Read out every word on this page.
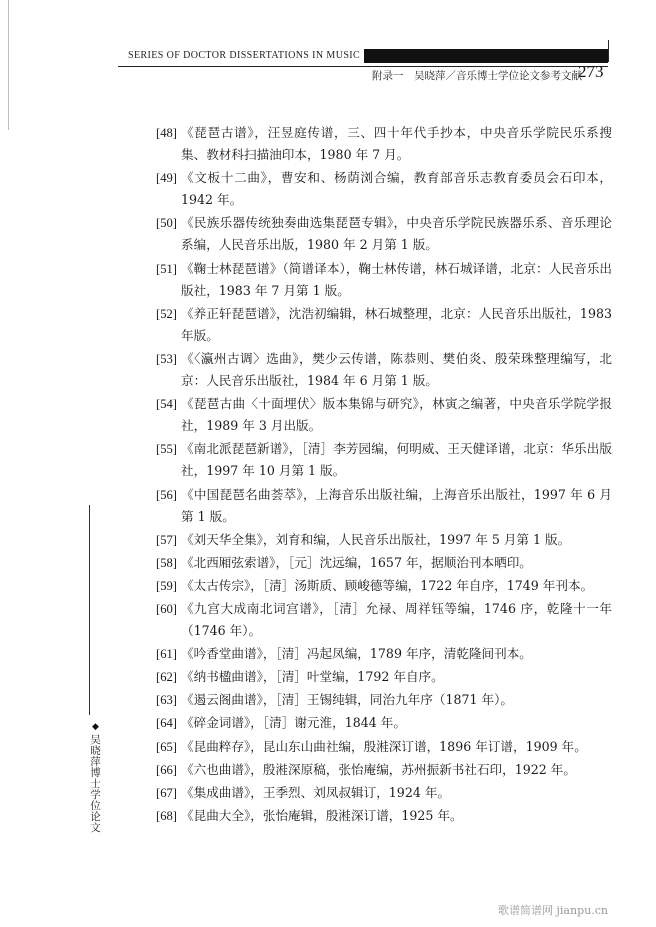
SERIES OF DOCTOR DISSERTATIONS IN MUSIC
附录一　吴晓萍／音乐博士学位论文参考文献
273
[48] 《琵琶古谱》，汪昱庭传谱，三、四十年代手抄本，中央音乐学院民乐系搜集、教材科扫描油印本，1980 年 7 月。
[49] 《文板十二曲》，曹安和、杨荫浏合编，教育部音乐志教育委员会石印本，1942 年。
[50] 《民族乐器传统独奏曲选集琵琶专辑》，中央音乐学院民族器乐系、音乐理论系编，人民音乐出版，1980 年 2 月第 1 版。
[51] 《鞠士林琵琶谱》（简谱译本），鞠士林传谱，林石城译谱，北京：人民音乐出版社，1983 年 7 月第 1 版。
[52] 《养正轩琵琶谱》，沈浩初编辑，林石城整理，北京：人民音乐出版社，1983 年版。
[53] 《〈瀛州古调〉选曲》，樊少云传谱，陈恭则、樊伯炎、殷荣珠整理编写，北京：人民音乐出版社，1984 年 6 月第 1 版。
[54] 《琵琶古曲〈十面埋伏〉版本集锦与研究》，林寅之编著，中央音乐学院学报社，1989 年 3 月出版。
[55] 《南北派琵琶新谱》，［清］李芳园编，何明威、王天健译谱，北京：华乐出版社，1997 年 10 月第 1 版。
[56] 《中国琵琶名曲荟萃》，上海音乐出版社编，上海音乐出版社，1997 年 6 月第 1 版。
[57] 《刘天华全集》，刘育和编，人民音乐出版社，1997 年 5 月第 1 版。
[58] 《北西厢弦索谱》，［元］沈远编，1657 年，据顺治刊本晒印。
[59] 《太古传宗》，［清］汤斯质、顾峻德等编，1722 年自序，1749 年刊本。
[60] 《九宫大成南北词宫谱》，［清］允禄、周祥钰等编，1746 序，乾隆十一年（1746 年）。
[61] 《吟香堂曲谱》，［清］冯起凤编，1789 年序，清乾隆间刊本。
[62] 《纳书楹曲谱》，［清］叶堂编，1792 年自序。
[63] 《遏云阁曲谱》，［清］王锡纯辑，同治九年序（1871 年）。
[64] 《碎金词谱》，［清］谢元淮，1844 年。
[65] 《昆曲粹存》，昆山东山曲社编，殷溎深订谱，1896 年订谱，1909 年。
[66] 《六也曲谱》，殷溎深原稿，张怡庵编，苏州振新书社石印，1922 年。
[67] 《集成曲谱》，王季烈、刘凤叔辑订，1924 年。
[68] 《昆曲大全》，张怡庵辑，殷溎深订谱，1925 年。
◆
吴晓萍博士学位论文
歌谱简谱网 jianpu.cn
